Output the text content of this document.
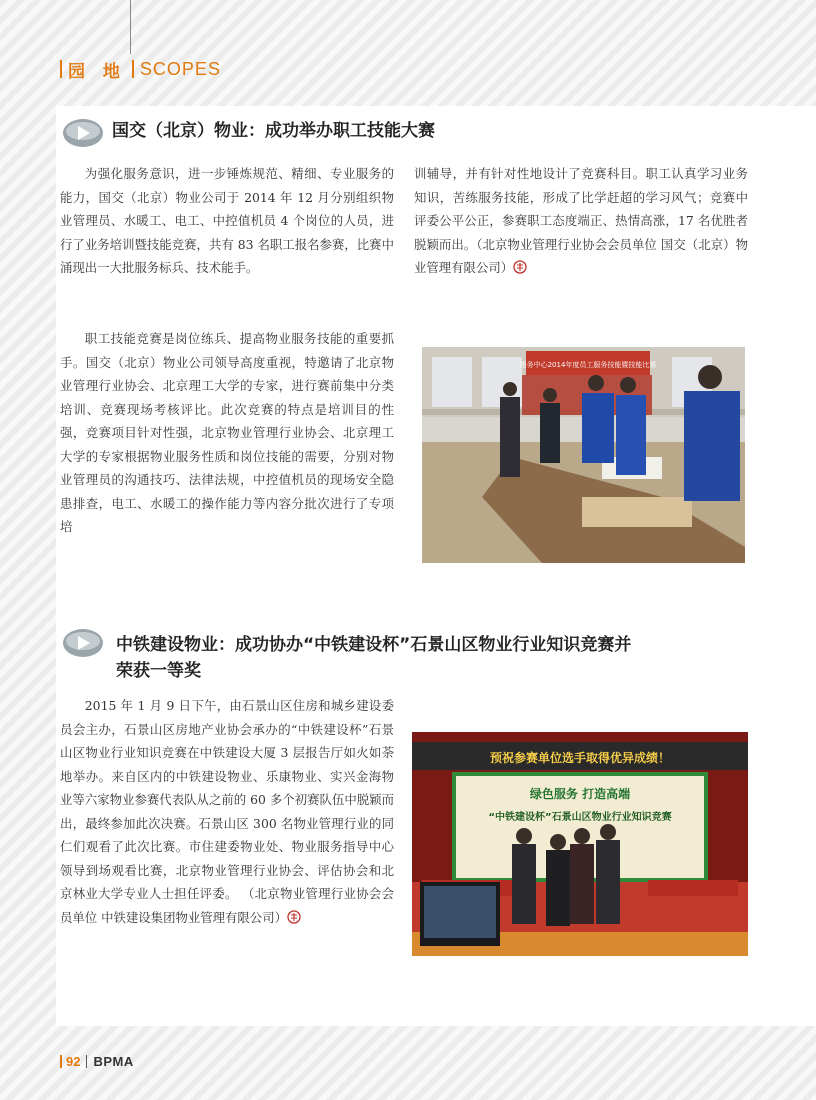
园 地 SCOPES
国交（北京）物业：成功举办职工技能大赛

为强化服务意识，进一步锤炼规范、精细、专业服务的能力，国交（北京）物业公司于 2014 年 12 月分别组织物业管理员、水暖工、电工、中控值机员 4 个岗位的人员，进行了业务培训暨技能竞赛，共有 83 名职工报名参赛，比赛中涌现出一大批服务标兵、技术能手。

职工技能竞赛是岗位练兵、提高物业服务技能的重要抓手。国交（北京）物业公司领导高度重视，特邀请了北京物业管理行业协会、北京理工大学的专家，进行赛前集中分类培训、竞赛现场考核评比。此次竞赛的特点是培训目的性强，竞赛项目针对性强，北京物业管理行业协会、北京理工大学的专家根据物业服务性质和岗位技能的需要，分别对物业管理员的沟通技巧、法律法规，中控值机员的现场安全隐患排查，电工、水暖工的操作能力等内容分批次进行了专项培

训辅导，并有针对性地设计了竞赛科目。职工认真学习业务知识，苦练服务技能，形成了比学赶超的学习风气；竞赛中评委公平公正，参赛职工态度端正、热情高涨，17 名优胜者脱颖而出。（北京物业管理行业协会会员单位 国交（北京）物业管理有限公司）

图务中心2014年度员工服务技能暨技能比赛
中铁建设物业：成功协办“中铁建设杯”石景山区物业行业知识竞赛并
荣获一等奖

2015 年 1 月 9 日下午，由石景山区住房和城乡建设委员会主办，石景山区房地产业协会承办的“中铁建设杯”石景山区物业行业知识竞赛在中铁建设大厦 3 层报告厅如火如荼地举办。来自区内的中铁建设物业、乐康物业、实兴金海物业等六家物业参赛代表队从之前的 60 多个初赛队伍中脱颖而出，最终参加此次决赛。石景山区 300 名物业管理行业的同仁们观看了此次比赛。市住建委物业处、物业服务指导中心领导到场观看比赛，北京物业管理行业协会、评估协会和北京林业大学专业人士担任评委。 （北京物业管理行业协会会员单位 中铁建设集团物业管理有限公司）

预祝参赛单位选手取得优异成绩！
绿色服务 打造高端
“中铁建设杯”石景山区物业行业知识竞赛
92 BPMA
